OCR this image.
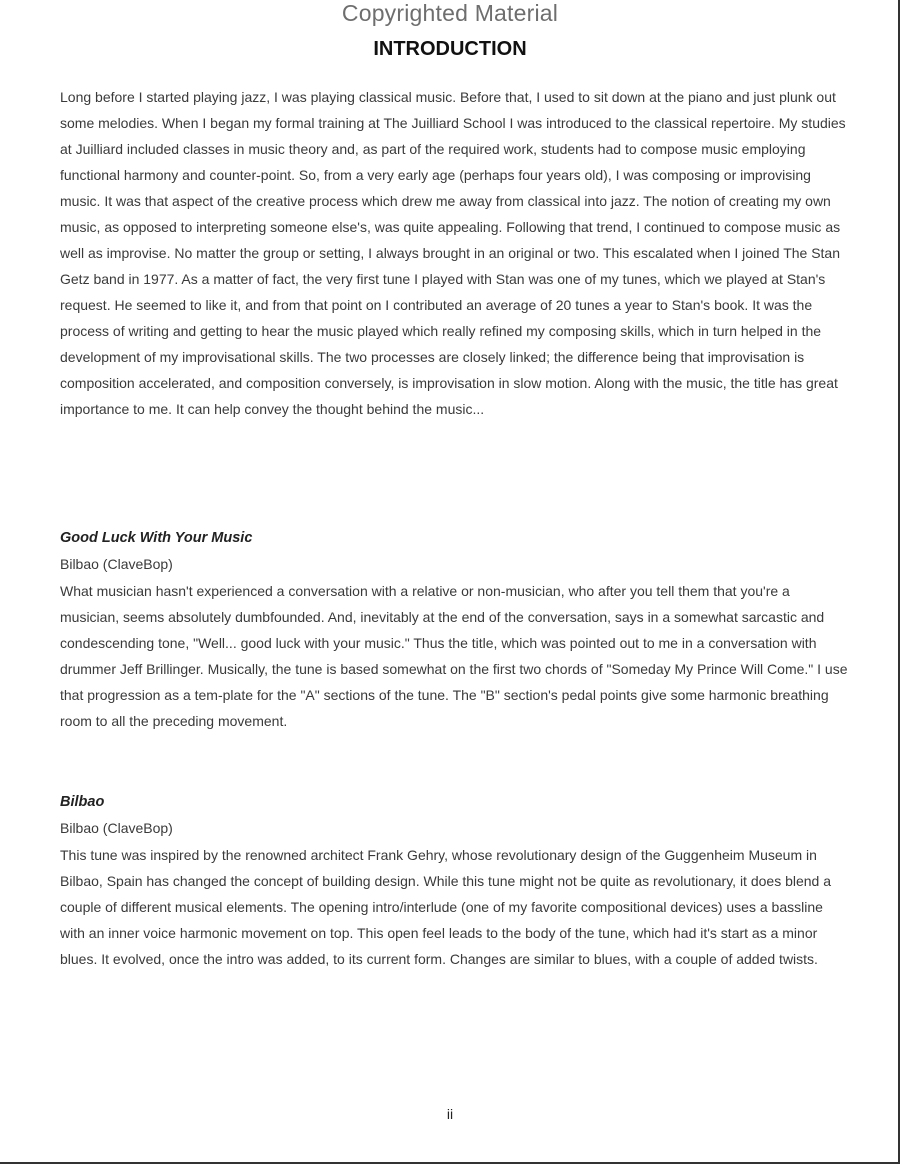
Copyrighted Material
INTRODUCTION

Long before I started playing jazz, I was playing classical music. Before that, I used to sit down at the piano and just plunk out some melodies. When I began my formal training at The Juilliard School I was introduced to the classical repertoire. My studies at Juilliard included classes in music theory and, as part of the required work, students had to compose music employing functional harmony and counter-point. So, from a very early age (perhaps four years old), I was composing or improvising music. It was that aspect of the creative process which drew me away from classical into jazz. The notion of creating my own music, as opposed to interpreting someone else's, was quite appealing. Following that trend, I continued to compose music as well as improvise. No matter the group or setting, I always brought in an original or two. This escalated when I joined The Stan Getz band in 1977. As a matter of fact, the very first tune I played with Stan was one of my tunes, which we played at Stan's request. He seemed to like it, and from that point on I contributed an average of 20 tunes a year to Stan's book. It was the process of writing and getting to hear the music played which really refined my composing skills, which in turn helped in the development of my improvisational skills. The two processes are closely linked; the difference being that improvisation is composition accelerated, and composition conversely, is improvisation in slow motion. Along with the music, the title has great importance to me. It can help convey the thought behind the music...

Good Luck With Your Music
Bilbao (ClaveBop)

What musician hasn't experienced a conversation with a relative or non-musician, who after you tell them that you're a musician, seems absolutely dumbfounded. And, inevitably at the end of the conversation, says in a somewhat sarcastic and condescending tone, "Well... good luck with your music." Thus the title, which was pointed out to me in a conversation with drummer Jeff Brillinger. Musically, the tune is based somewhat on the first two chords of "Someday My Prince Will Come." I use that progression as a tem-plate for the "A" sections of the tune. The "B" section's pedal points give some harmonic breathing room to all the preceding movement.

Bilbao
Bilbao (ClaveBop)

This tune was inspired by the renowned architect Frank Gehry, whose revolutionary design of the Guggenheim Museum in Bilbao, Spain has changed the concept of building design. While this tune might not be quite as revolutionary, it does blend a couple of different musical elements. The opening intro/interlude (one of my favorite compositional devices) uses a bassline with an inner voice harmonic movement on top. This open feel leads to the body of the tune, which had it's start as a minor blues. It evolved, once the intro was added, to its current form. Changes are similar to blues, with a couple of added twists.

ii
